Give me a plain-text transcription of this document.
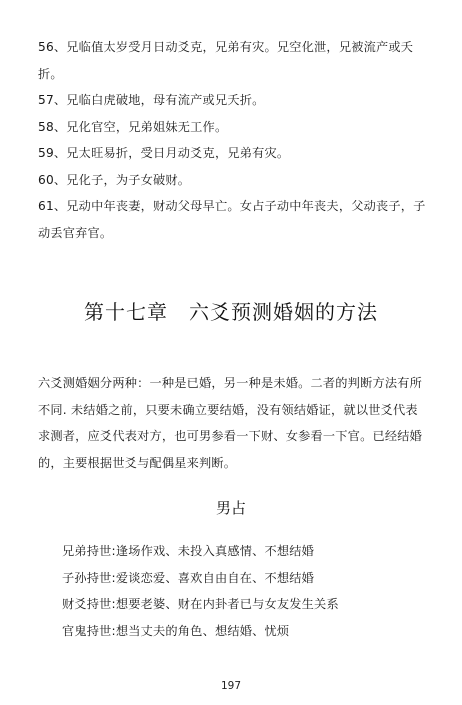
56、兄临值太岁受月日动爻克，兄弟有灾。兄空化泄，兄被流产或夭折。

57、兄临白虎破地，母有流产或兄夭折。

58、兄化官空，兄弟姐妹无工作。

59、兄太旺易折，受日月动爻克，兄弟有灾。

60、兄化子，为子女破财。

61、兄动中年丧妻，财动父母早亡。女占子动中年丧夫，父动丧子，子动丢官弃官。

第十七章　六爻预测婚姻的方法

六爻测婚姻分两种：一种是已婚，另一种是未婚。二者的判断方法有所不同. 未结婚之前，只要未确立要结婚，没有领结婚证，就以世爻代表求测者，应爻代表对方，也可男参看一下财、女参看一下官。已经结婚的，主要根据世爻与配偶星来判断。

男占

兄弟持世:逢场作戏、未投入真感情、不想结婚

子孙持世:爱谈恋爱、喜欢自由自在、不想结婚

财爻持世:想要老婆、财在内卦者已与女友发生关系

官鬼持世:想当丈夫的角色、想结婚、忧烦

197
